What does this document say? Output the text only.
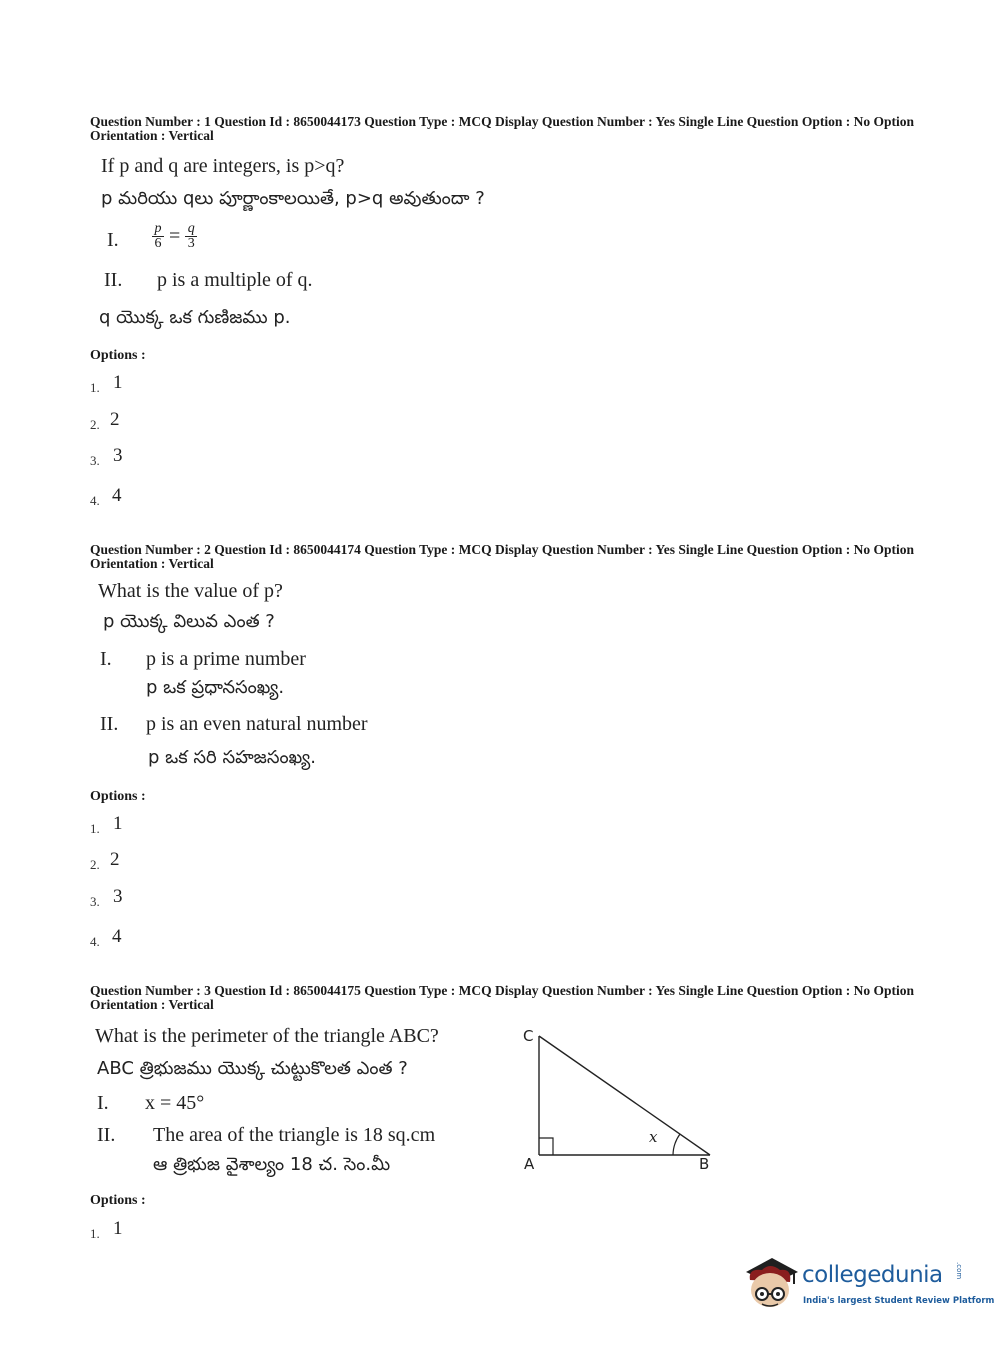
Question Number : 1 Question Id : 8650044173 Question Type : MCQ Display Question Number : Yes Single Line Question Option : No Option Orientation : Vertical
If p and q are integers, is p>q?
p మరియు qలు పూర్ణాంకాలయితే, p>q అవుతుందా ?
I. $\frac{p}{6} = \frac{q}{3}$
II. p is a multiple of q.
q యొక్క ఒక గుణిజము p.
Options :
1. 1
2. 2
3. 3
4. 4
Question Number : 2 Question Id : 8650044174 Question Type : MCQ Display Question Number : Yes Single Line Question Option : No Option Orientation : Vertical
What is the value of p?
p యొక్క విలువ ఎంత ?
I. p is a prime number
p ఒక ప్రధానసంఖ్య.
II. p is an even natural number
p ఒక సరి సహజసంఖ్య.
Options :
1. 1
2. 2
3. 3
4. 4
Question Number : 3 Question Id : 8650044175 Question Type : MCQ Display Question Number : Yes Single Line Question Option : No Option Orientation : Vertical
What is the perimeter of the triangle ABC?
ABC త్రిభుజము యొక్క చుట్టుకొలత ఎంత ?
I. x = 45°
II. The area of the triangle is 18 sq.cm
ఆ త్రిభుజ వైశాల్యం 18 చ. సెం.మీ
C
A	B
x
Options :
1. 1
collegedunia .com
India's largest Student Review Platform
